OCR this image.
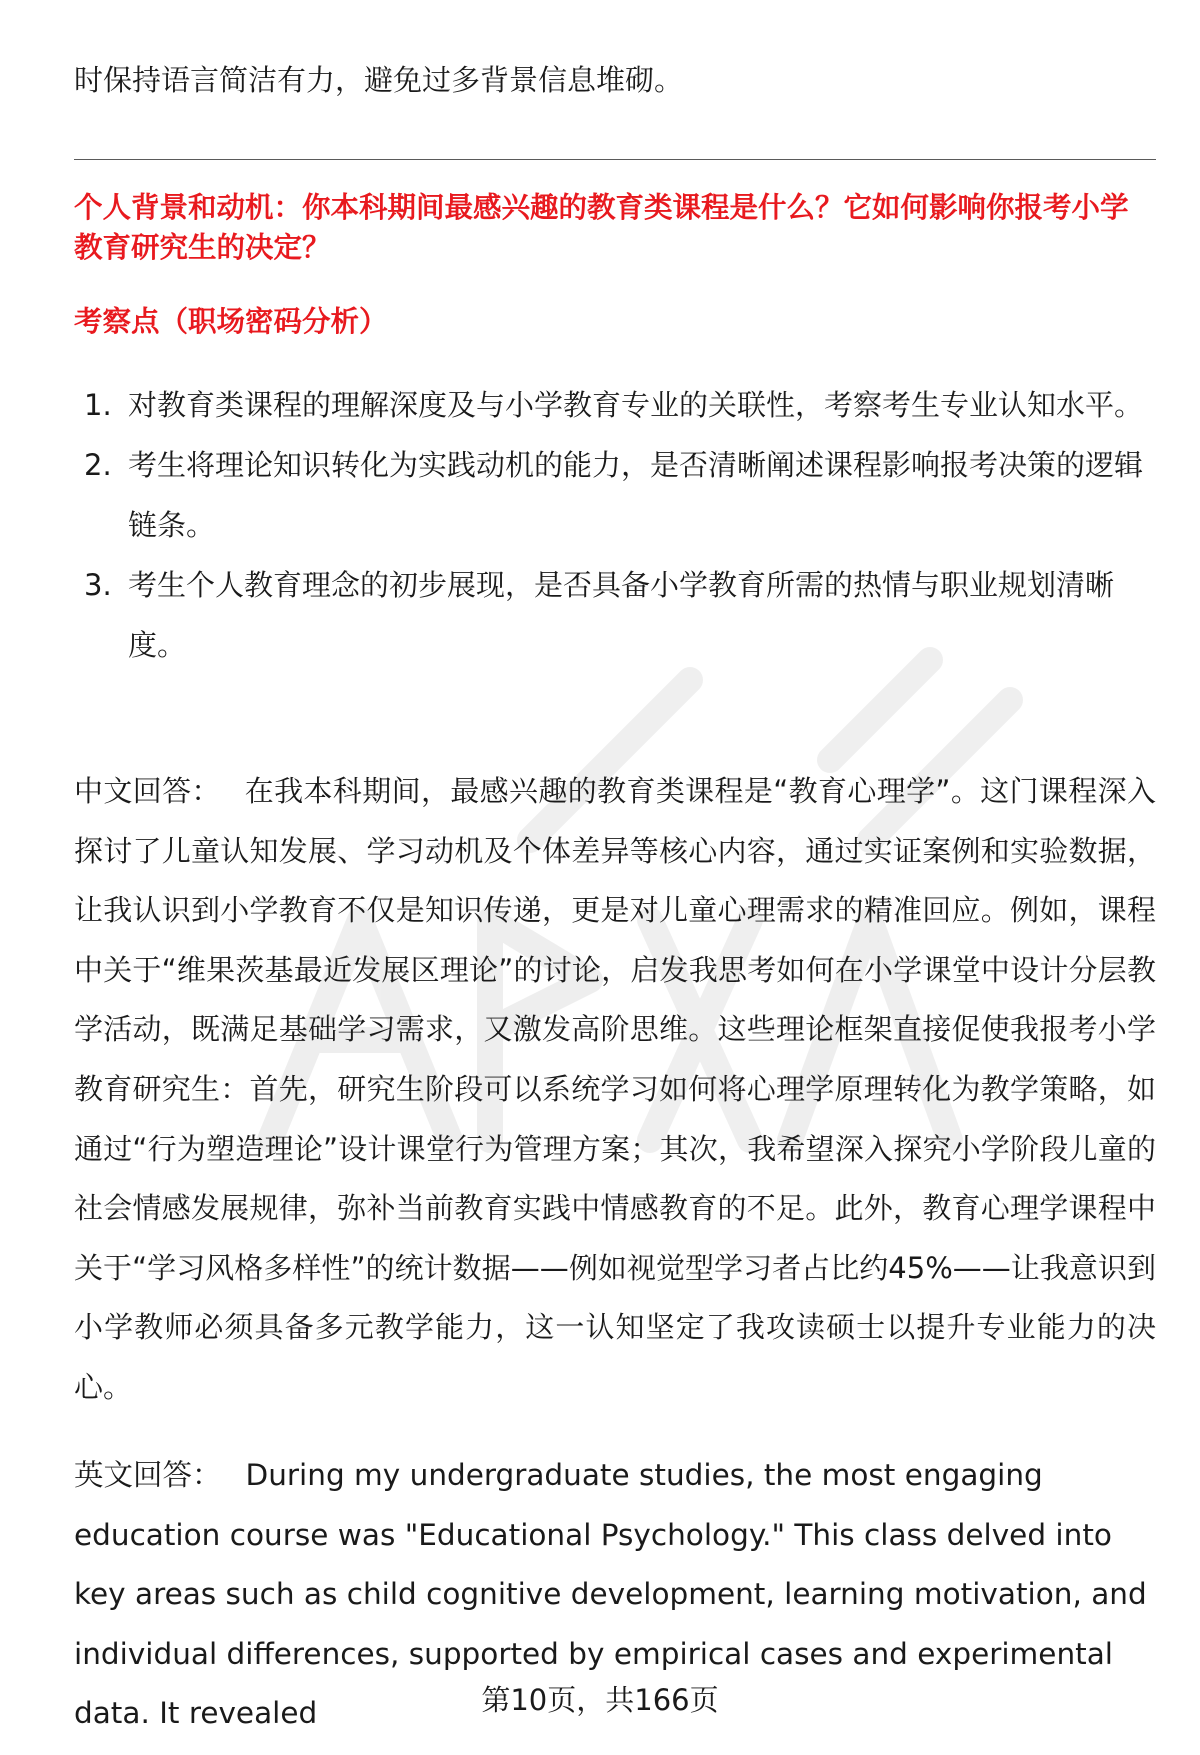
时保持语言简洁有力，避免过多背景信息堆砌。

个人背景和动机：你本科期间最感兴趣的教育类课程是什么？它如何影响你报考小学教育研究生的决定？

考察点（职场密码分析）

1. 对教育类课程的理解深度及与小学教育专业的关联性，考察考生专业认知水平。
2. 考生将理论知识转化为实践动机的能力，是否清晰阐述课程影响报考决策的逻辑链条。
3. 考生个人教育理念的初步展现，是否具备小学教育所需的热情与职业规划清晰度。

中文回答： 在我本科期间，最感兴趣的教育类课程是“教育心理学”。这门课程深入探讨了儿童认知发展、学习动机及个体差异等核心内容，通过实证案例和实验数据，让我认识到小学教育不仅是知识传递，更是对儿童心理需求的精准回应。例如，课程中关于“维果茨基最近发展区理论”的讨论，启发我思考如何在小学课堂中设计分层教学活动，既满足基础学习需求，又激发高阶思维。这些理论框架直接促使我报考小学教育研究生：首先，研究生阶段可以系统学习如何将心理学原理转化为教学策略，如通过“行为塑造理论”设计课堂行为管理方案；其次，我希望深入探究小学阶段儿童的社会情感发展规律，弥补当前教育实践中情感教育的不足。此外，教育心理学课程中关于“学习风格多样性”的统计数据——例如视觉型学习者占比约45%——让我意识到小学教师必须具备多元教学能力，这一认知坚定了我攻读硕士以提升专业能力的决心。

英文回答： During my undergraduate studies, the most engaging education course was "Educational Psychology." This class delved into key areas such as child cognitive development, learning motivation, and individual differences, supported by empirical cases and experimental data. It revealed	第10页，共166页
